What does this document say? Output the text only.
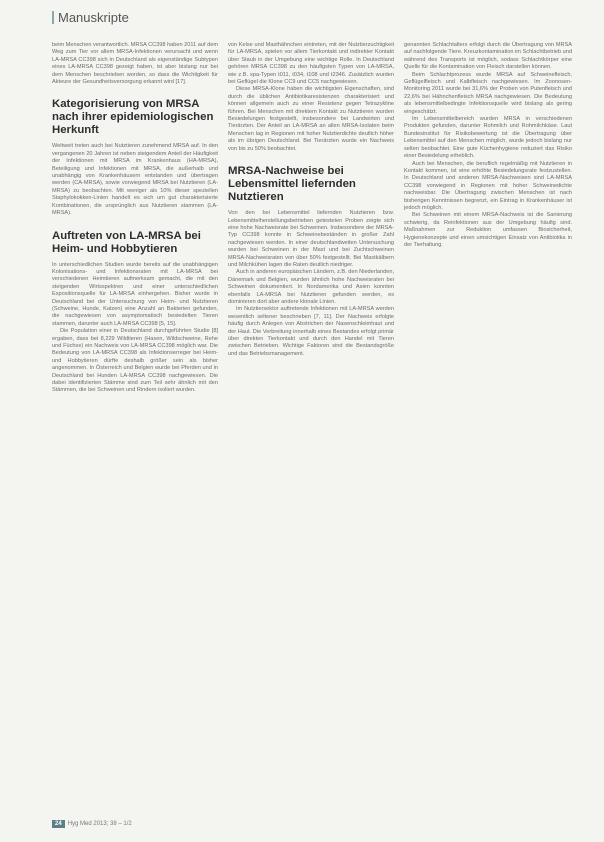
Manuskripte

beim Menschen verantwortlich. MRSA CC398 haben 2011 auf dem Weg zum Tier vor allem MRSA-Infektionen verursacht und wenn LA-MRSA CC398 sich in Deutschland als eigenständige Subtypen eines LA-MRSA CC398 gezeigt haben, ist aber bislang nur bei dem Menschen beschrieben worden, so dass die Wichtigkeit für Akteure der Gesundheitsversorgung erkannt wird [17].

Kategorisierung von MRSA nach ihrer epidemiologischen Herkunft

Weltweit treten auch bei Nutztieren zunehmend MRSA auf. In den vergangenen 20 Jahren ist neben steigendem Anteil der Häufigkeit der Infektionen mit MRSA im Krankenhaus (HA-MRSA), Beteiligung und Infektionen mit MRSA, die außerhalb und unabhängig von Krankenhäusern entstanden und übertragen werden (CA-MRSA), sowie vorwiegend MRSA bei Nutztieren (LA-MRSA) zu beobachten. Mit weniger als 10% dieser speziellen Staphylokokken-Linien handelt es sich um gut charakterisierte Kombinationen, die ursprünglich aus Nutztieren stammen (LA-MRSA).

Auftreten von LA-MRSA bei Heim- und Hobbytieren

In unterschiedlichen Studien wurde bereits auf die unabhängigen Kolonisations- und Infektionsraten mit LA-MRSA bei verschiedenen Heimtieren aufmerksam gemacht, die mit den steigenden Wirtsspektren und einer unterschiedlichen Expositionsquelle für LA-MRSA einhergehen. Bisher wurde in Deutschland bei der Untersuchung von Heim- und Nutztieren (Schweine, Hunde, Katzen) eine Anzahl an Bakterien gefunden, die nachgewiesen von asymptomatisch besiedelten Tieren stammen, darunter auch LA-MRSA CC398 [5, 15].

Die Population einer in Deutschland durchgeführten Studie [8] ergaben, dass bei 8,229 Wildtieren (Hasen, Wildschweine, Rehe und Füchse) ein Nachweis von LA-MRSA CC398 möglich war. Die Bedeutung von LA-MRSA CC398 als Infektionserreger bei Heim- und Hobbytieren dürfte deshalb größer sein als bisher angenommen. In Österreich und Belgien wurde bei Pferden und in Deutschland bei Hunden LA-MRSA CC398 nachgewiesen. Die dabei identifizierten Stämme sind zum Teil sehr ähnlich mit den Stämmen, die bei Schweinen und Rindern isoliert wurden.

von Kelse und Masthähnchen eintreten, mit der Nutztierzuchtigkeit für LA-MRSA, spielen vor allem Tierkontakt und indirekter Kontakt über Staub in der Umgebung eine wichtige Rolle. In Deutschland gehören MRSA CC398 zu den häufigsten Typen von LA-MRSA, wie z.B. spa-Typen t011, t034, t108 und t2346. Zusätzlich wurden bei Geflügel die Klone CC9 und CC5 nachgewiesen.

Diese MRSA-Klone haben die wichtigsten Eigenschaften, sind durch die üblichen Antibiotikaresistenzen charakterisiert und können allgemein auch zu einer Resistenz gegen Tetrazykline führen. Bei Menschen mit direktem Kontakt zu Nutztieren wurden Besiedelungen festgestellt, insbesondere bei Landwirten und Tierärzten. Der Anteil an LA-MRSA an allen MRSA-Isolaten beim Menschen lag in Regionen mit hoher Nutztierdichte deutlich höher als im übrigen Deutschland. Bei Tierärzten wurde ein Nachweis von bis zu 50% beobachtet.

MRSA-Nachweise bei Lebensmittel liefernden Nutztieren

Von den bei Lebensmittel liefernden Nutztieren bzw. Lebensmittelherstellungsbetrieben getesteten Proben zeigte sich eine hohe Nachweisrate bei Schweinen. Insbesondere der MRSA-Typ CC398 konnte in Schweinebeständen in großer Zahl nachgewiesen werden. In einer deutschlandweiten Untersuchung wurden bei Schweinen in der Mast und bei Zuchtschweinen MRSA-Nachweisraten von über 50% festgestellt. Bei Mastkälbern und Milchkühen lagen die Raten deutlich niedriger.

Auch in anderen europäischen Ländern, z.B. den Niederlanden, Dänemark und Belgien, wurden ähnlich hohe Nachweisraten bei Schweinen dokumentiert. In Nordamerika und Asien konnten ebenfalls LA-MRSA bei Nutztieren gefunden werden, es dominieren dort aber andere klonale Linien.

Im Nutztiersektor auftretende Infektionen mit LA-MRSA werden wesentlich seltener beschrieben [7, 11]. Der Nachweis erfolgte häufig durch Anlegen von Abstrichen der Nasenschleimhaut und der Haut. Die Verbreitung innerhalb eines Bestandes erfolgt primär über direkten Tierkontakt und durch den Handel mit Tieren zwischen Betrieben. Wichtige Faktoren sind die Bestandsgröße und das Betriebsmanagement.

genannten Schlachtalters erfolgt durch die Übertragung von MRSA auf nachfolgende Tiere. Kreuzkontamination im Schlachtbetrieb und während des Transports ist möglich, sodass Schlachtkörper eine Quelle für die Kontamination von Fleisch darstellen können.

Beim Schlachtprozess wurde MRSA auf Schweinefleisch, Geflügelfleisch und Kalbfleisch nachgewiesen. Im Zoonosen-Monitoring 2011 wurde bei 31,6% der Proben von Putenfleisch und 22,6% bei Hähnchenfleisch MRSA nachgewiesen. Die Bedeutung als lebensmittelbedingte Infektionsquelle wird bislang als gering eingeschätzt.

Im Lebensmittelbereich wurden MRSA in verschiedenen Produkten gefunden, darunter Rohmilch und Rohmilchkäse. Laut Bundesinstitut für Risikobewertung ist die Übertragung über Lebensmittel auf den Menschen möglich, wurde jedoch bislang nur selten beobachtet. Eine gute Küchenhygiene reduziert das Risiko einer Besiedelung erheblich.

Auch bei Menschen, die beruflich regelmäßig mit Nutztieren in Kontakt kommen, ist eine erhöhte Besiedelungsrate festzustellen. In Deutschland und anderen MRSA-Nachweisen sind LA-MRSA CC398 vorwiegend in Regionen mit hoher Schweinedichte nachweisbar. Die Übertragung zwischen Menschen ist nach bisherigen Kenntnissen begrenzt, ein Eintrag in Krankenhäuser ist jedoch möglich.

Bei Schweinen mit einem MRSA-Nachweis ist die Sanierung schwierig, da Reinfektionen aus der Umgebung häufig sind. Maßnahmen zur Reduktion umfassen Biosicherheit, Hygienekonzepte und einen umsichtigen Einsatz von Antibiotika in der Tierhaltung.

24 Hyg Med 2013; 38 – 1/2
